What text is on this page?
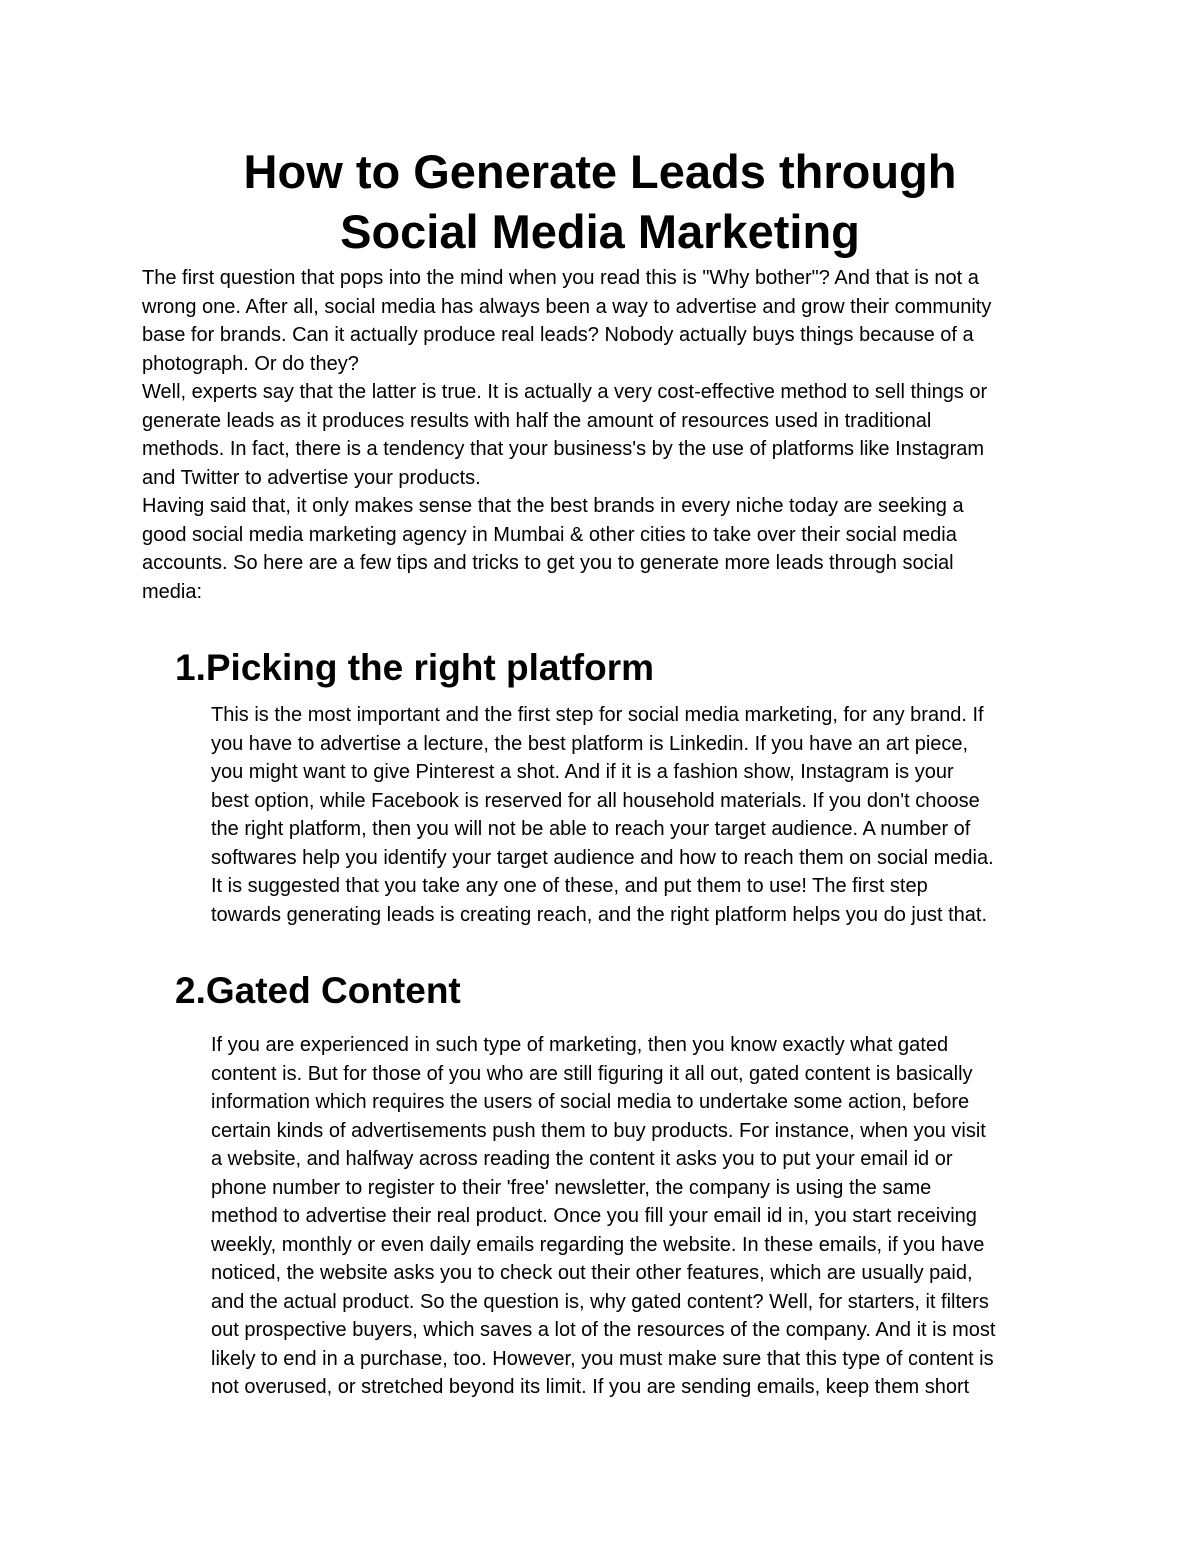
How to Generate Leads through
Social Media Marketing

The first question that pops into the mind when you read this is "Why bother"? And that is not a
wrong one. After all, social media has always been a way to advertise and grow their community
base for brands. Can it actually produce real leads? Nobody actually buys things because of a
photograph. Or do they?

Well, experts say that the latter is true. It is actually a very cost-effective method to sell things or
generate leads as it produces results with half the amount of resources used in traditional
methods. In fact, there is a tendency that your business's by the use of platforms like Instagram
and Twitter to advertise your products.

Having said that, it only makes sense that the best brands in every niche today are seeking a
good social media marketing agency in Mumbai & other cities to take over their social media
accounts. So here are a few tips and tricks to get you to generate more leads through social
media:

1.Picking the right platform
This is the most important and the first step for social media marketing, for any brand. If
you have to advertise a lecture, the best platform is Linkedin. If you have an art piece,
you might want to give Pinterest a shot. And if it is a fashion show, Instagram is your
best option, while Facebook is reserved for all household materials. If you don't choose
the right platform, then you will not be able to reach your target audience. A number of
softwares help you identify your target audience and how to reach them on social media.
It is suggested that you take any one of these, and put them to use! The first step
towards generating leads is creating reach, and the right platform helps you do just that.
2.Gated Content
If you are experienced in such type of marketing, then you know exactly what gated
content is. But for those of you who are still figuring it all out, gated content is basically
information which requires the users of social media to undertake some action, before
certain kinds of advertisements push them to buy products. For instance, when you visit
a website, and halfway across reading the content it asks you to put your email id or
phone number to register to their 'free' newsletter, the company is using the same
method to advertise their real product. Once you fill your email id in, you start receiving
weekly, monthly or even daily emails regarding the website. In these emails, if you have
noticed, the website asks you to check out their other features, which are usually paid,
and the actual product. So the question is, why gated content? Well, for starters, it filters
out prospective buyers, which saves a lot of the resources of the company. And it is most
likely to end in a purchase, too. However, you must make sure that this type of content is
not overused, or stretched beyond its limit. If you are sending emails, keep them short
